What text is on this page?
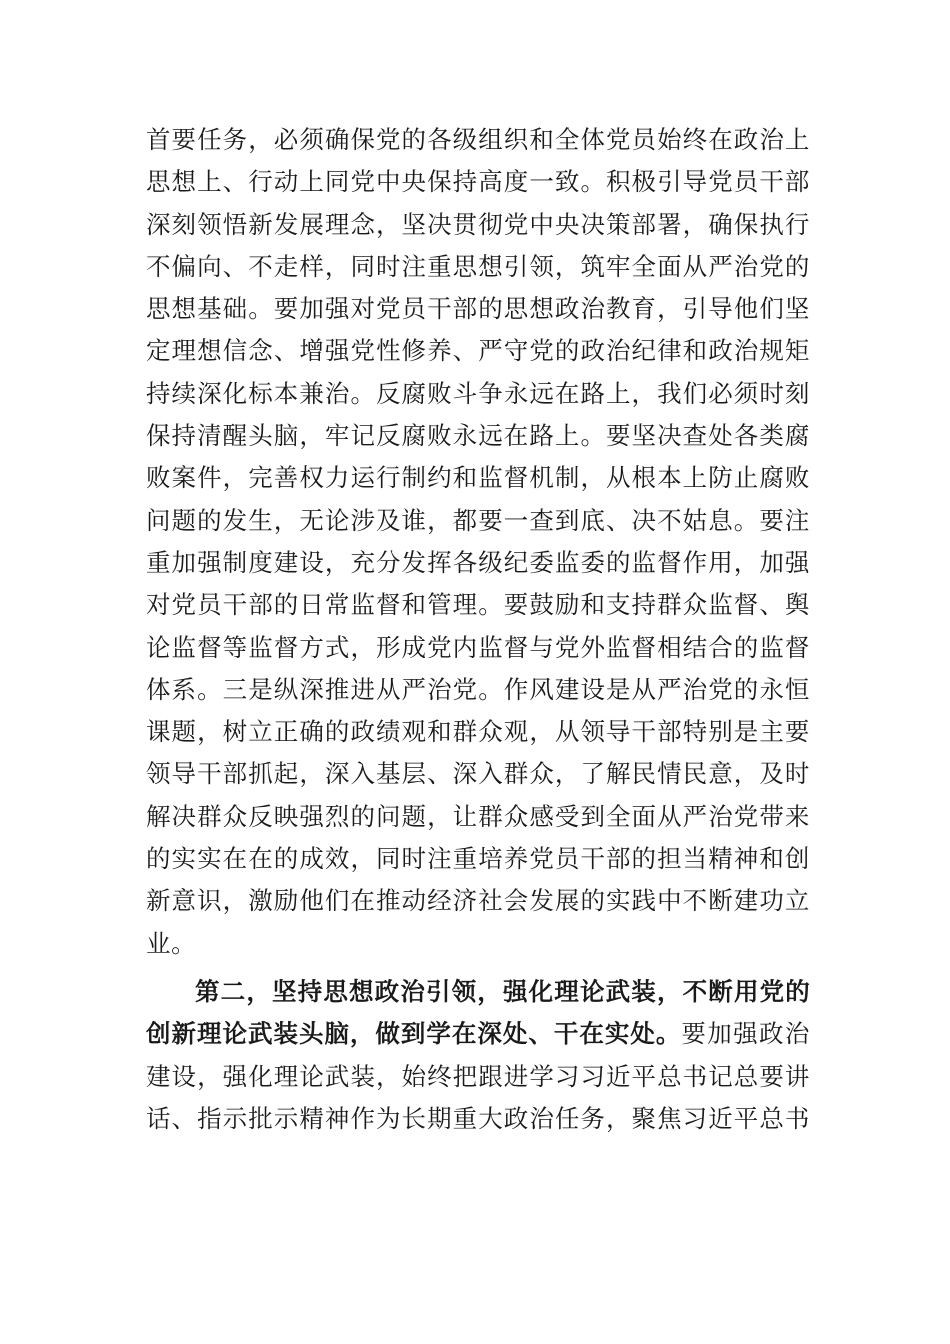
首要任务，必须确保党的各级组织和全体党员始终在政治上
思想上、行动上同党中央保持高度一致。积极引导党员干部
深刻领悟新发展理念，坚决贯彻党中央决策部署，确保执行
不偏向、不走样，同时注重思想引领，筑牢全面从严治党的
思想基础。要加强对党员干部的思想政治教育，引导他们坚
定理想信念、增强党性修养、严守党的政治纪律和政治规矩
持续深化标本兼治。反腐败斗争永远在路上，我们必须时刻
保持清醒头脑，牢记反腐败永远在路上。要坚决查处各类腐
败案件，完善权力运行制约和监督机制，从根本上防止腐败
问题的发生，无论涉及谁，都要一查到底、决不姑息。要注
重加强制度建设，充分发挥各级纪委监委的监督作用，加强
对党员干部的日常监督和管理。要鼓励和支持群众监督、舆
论监督等监督方式，形成党内监督与党外监督相结合的监督
体系。三是纵深推进从严治党。作风建设是从严治党的永恒
课题，树立正确的政绩观和群众观，从领导干部特别是主要
领导干部抓起，深入基层、深入群众，了解民情民意，及时
解决群众反映强烈的问题，让群众感受到全面从严治党带来
的实实在在的成效，同时注重培养党员干部的担当精神和创
新意识，激励他们在推动经济社会发展的实践中不断建功立
业。
第二，坚持思想政治引领，强化理论武装，不断用党的
创新理论武装头脑，做到学在深处、干在实处。要加强政治
建设，强化理论武装，始终把跟进学习习近平总书记总要讲
话、指示批示精神作为长期重大政治任务，聚焦习近平总书
